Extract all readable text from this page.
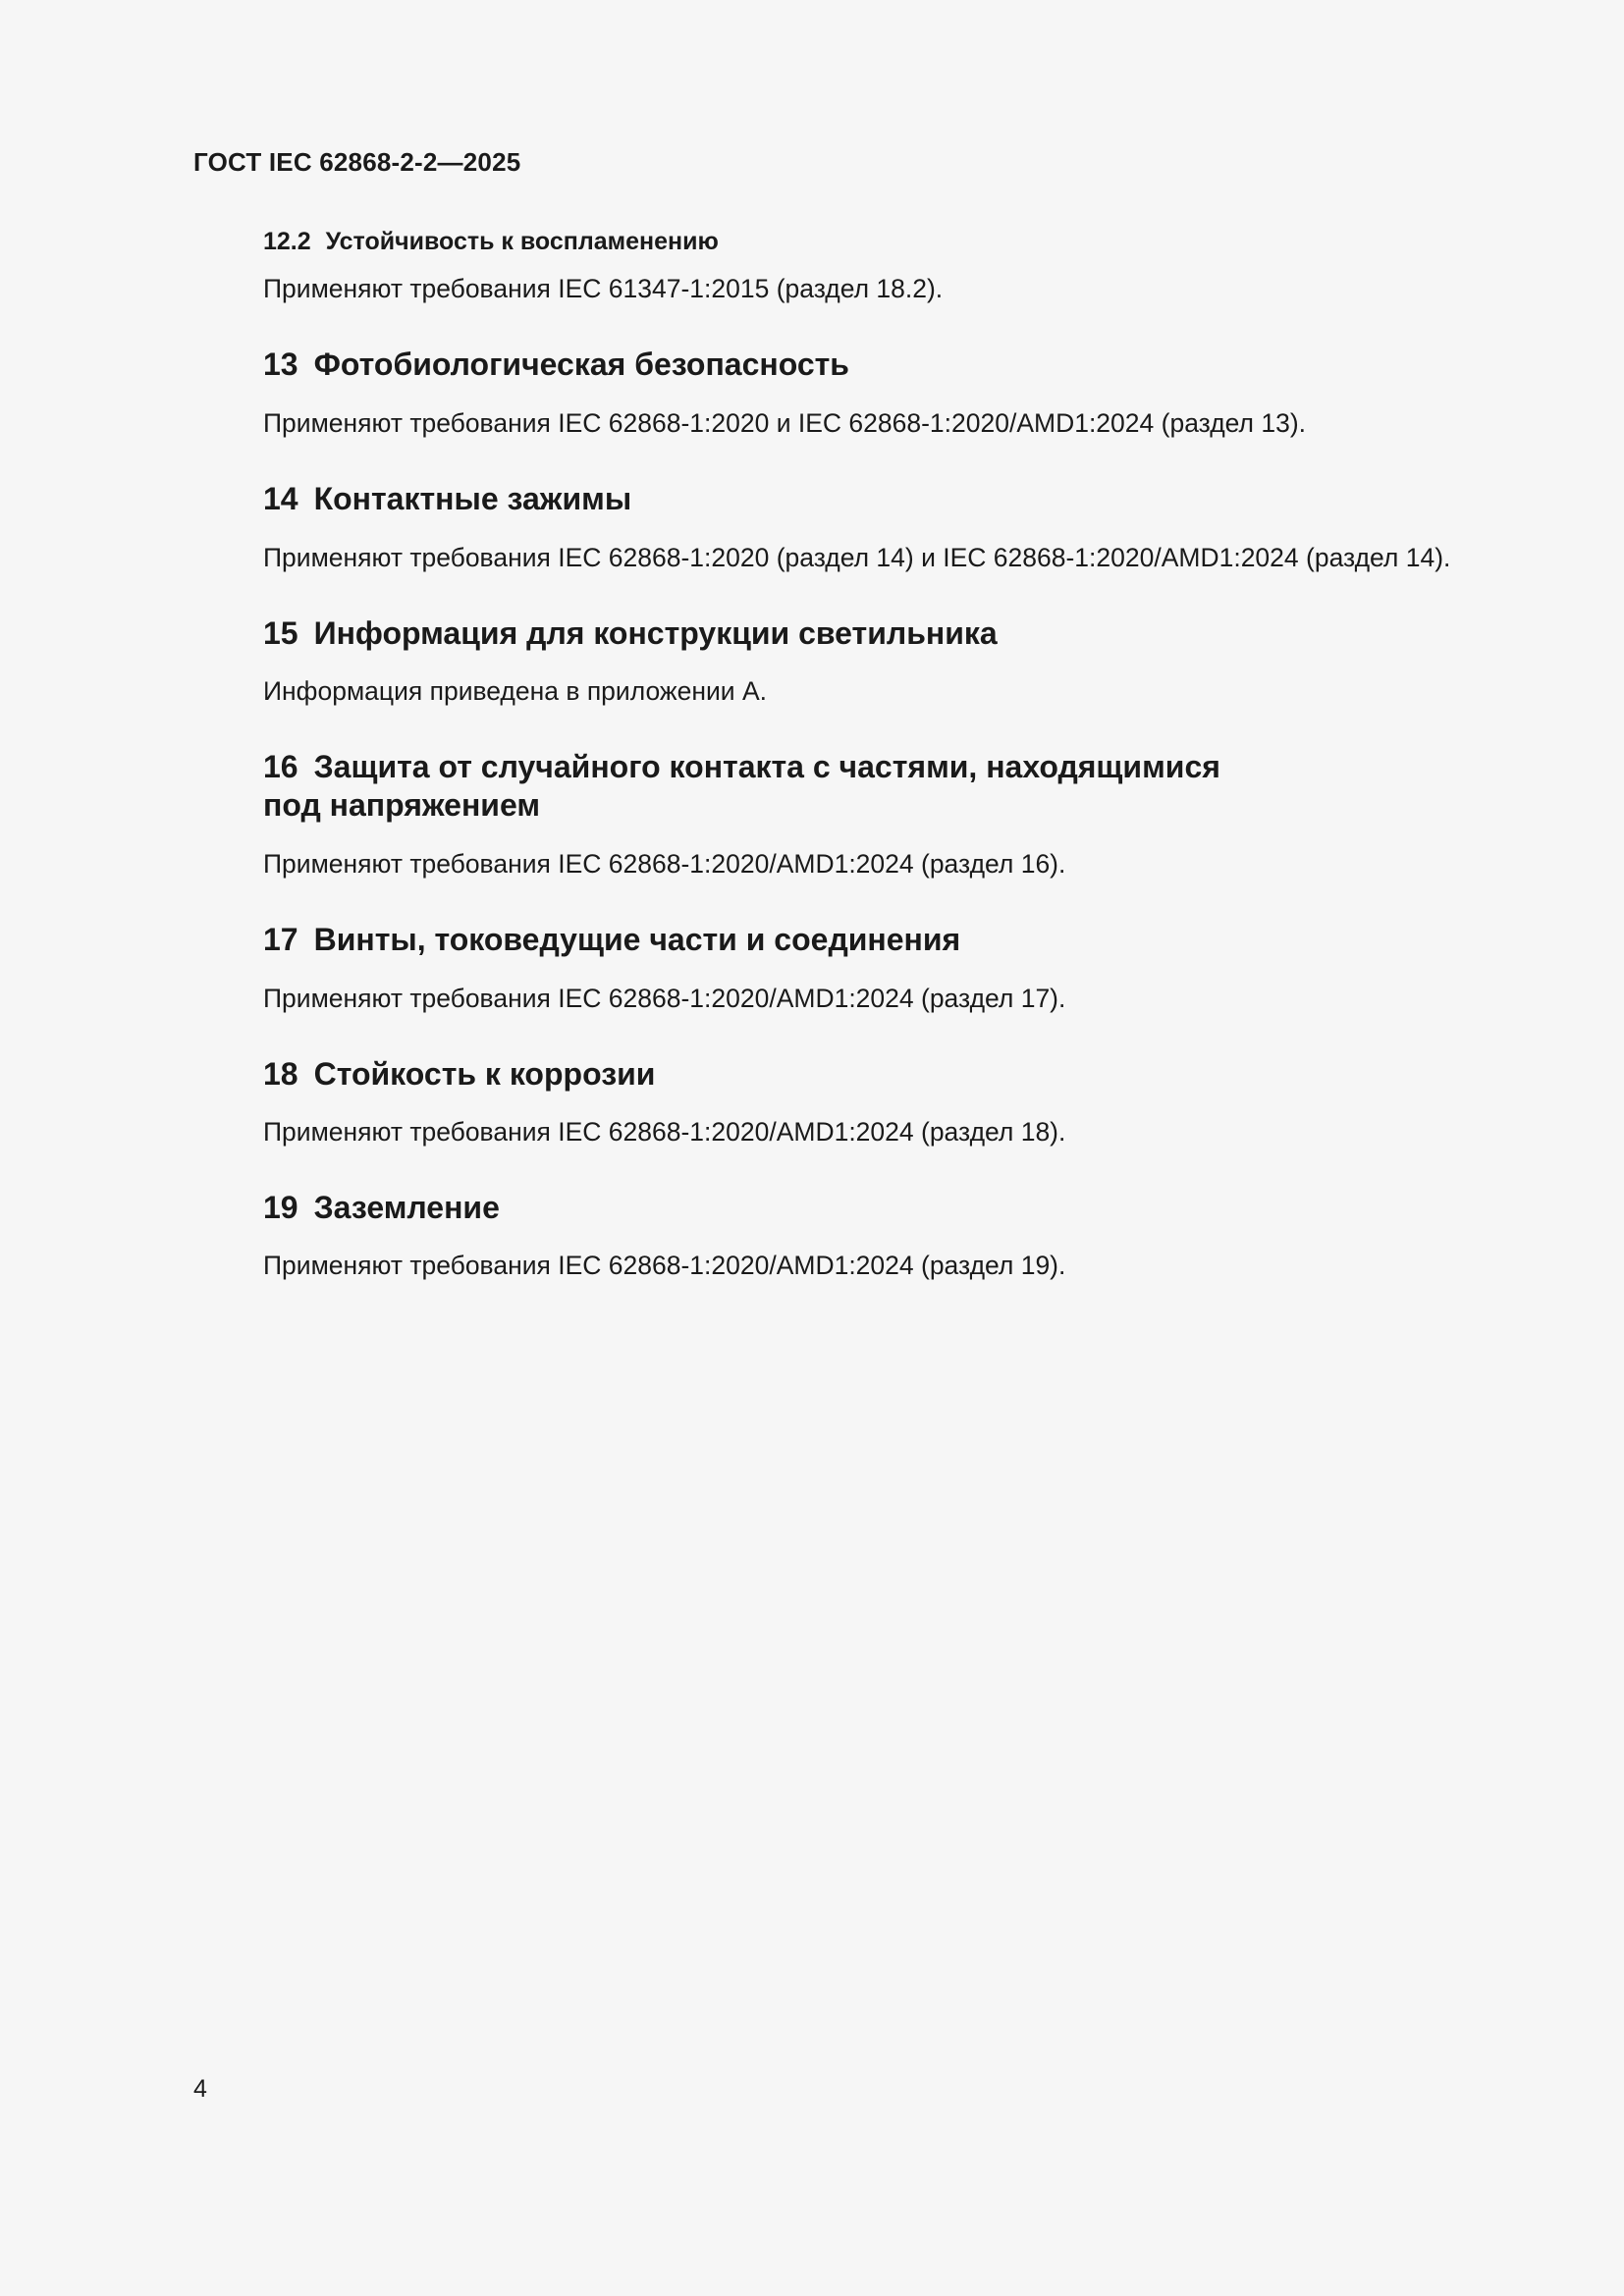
ГОСТ IEC 62868-2-2—2025
12.2 Устойчивость к воспламенению
Применяют требования IEC 61347-1:2015 (раздел 18.2).
13 Фотобиологическая безопасность
Применяют требования IEC 62868-1:2020 и IEC 62868-1:2020/AMD1:2024 (раздел 13).
14 Контактные зажимы
Применяют требования IEC 62868-1:2020 (раздел 14) и IEC 62868-1:2020/AMD1:2024 (раздел 14).
15 Информация для конструкции светильника
Информация приведена в приложении А.
16 Защита от случайного контакта с частями, находящимися
под напряжением
Применяют требования IEC 62868-1:2020/AMD1:2024 (раздел 16).
17 Винты, токоведущие части и соединения
Применяют требования IEC 62868-1:2020/AMD1:2024 (раздел 17).
18 Стойкость к коррозии
Применяют требования IEC 62868-1:2020/AMD1:2024 (раздел 18).
19 Заземление
Применяют требования IEC 62868-1:2020/AMD1:2024 (раздел 19).
4
